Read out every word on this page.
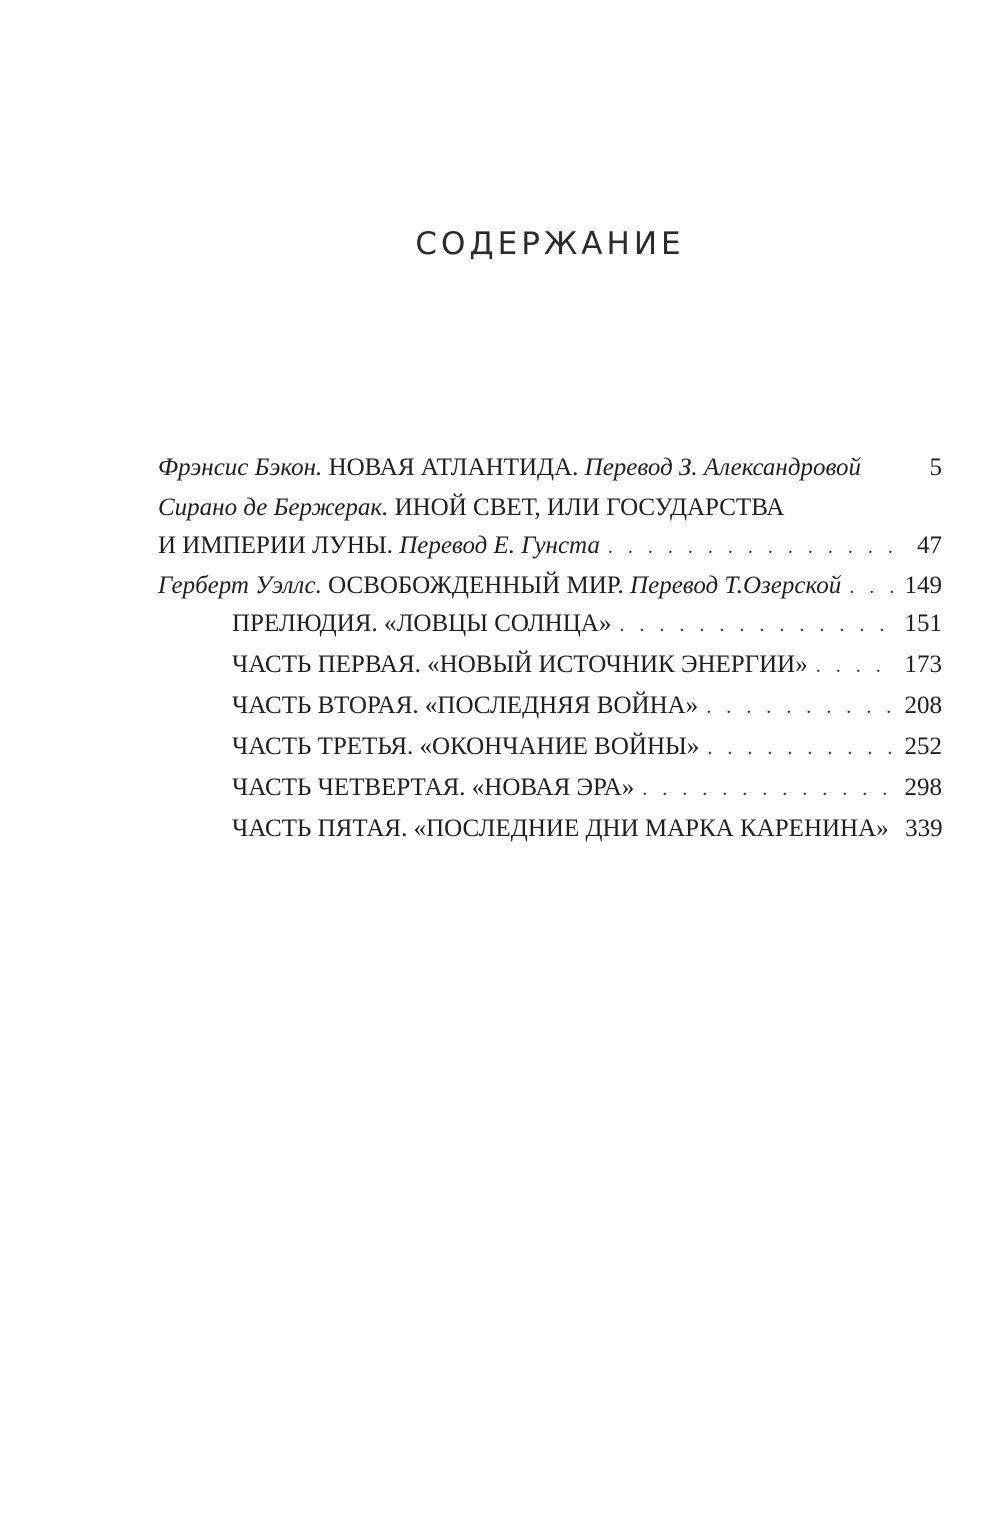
СОДЕРЖАНИЕ
Фрэнсис Бэкон. НОВАЯ АТЛАНТИДА. Перевод З. Александровой	5
Сирано де Бержерак. ИНОЙ СВЕТ, ИЛИ ГОСУДАРСТВА
И ИМПЕРИИ ЛУНЫ. Перевод Е. Гунста . . .	47
Герберт Уэллс. ОСВОБОЖДЕННЫЙ МИР. Перевод Т.Озерской . . .	149
ПРЕЛЮДИЯ. «ЛОВЦЫ СОЛНЦА» . . .	151
ЧАСТЬ ПЕРВАЯ. «НОВЫЙ ИСТОЧНИК ЭНЕРГИИ» . . .	173
ЧАСТЬ ВТОРАЯ. «ПОСЛЕДНЯЯ ВОЙНА» . . .	208
ЧАСТЬ ТРЕТЬЯ. «ОКОНЧАНИЕ ВОЙНЫ» . . .	252
ЧАСТЬ ЧЕТВЕРТАЯ. «НОВАЯ ЭРА» . . .	298
ЧАСТЬ ПЯТАЯ. «ПОСЛЕДНИЕ ДНИ МАРКА КАРЕНИНА» 339
